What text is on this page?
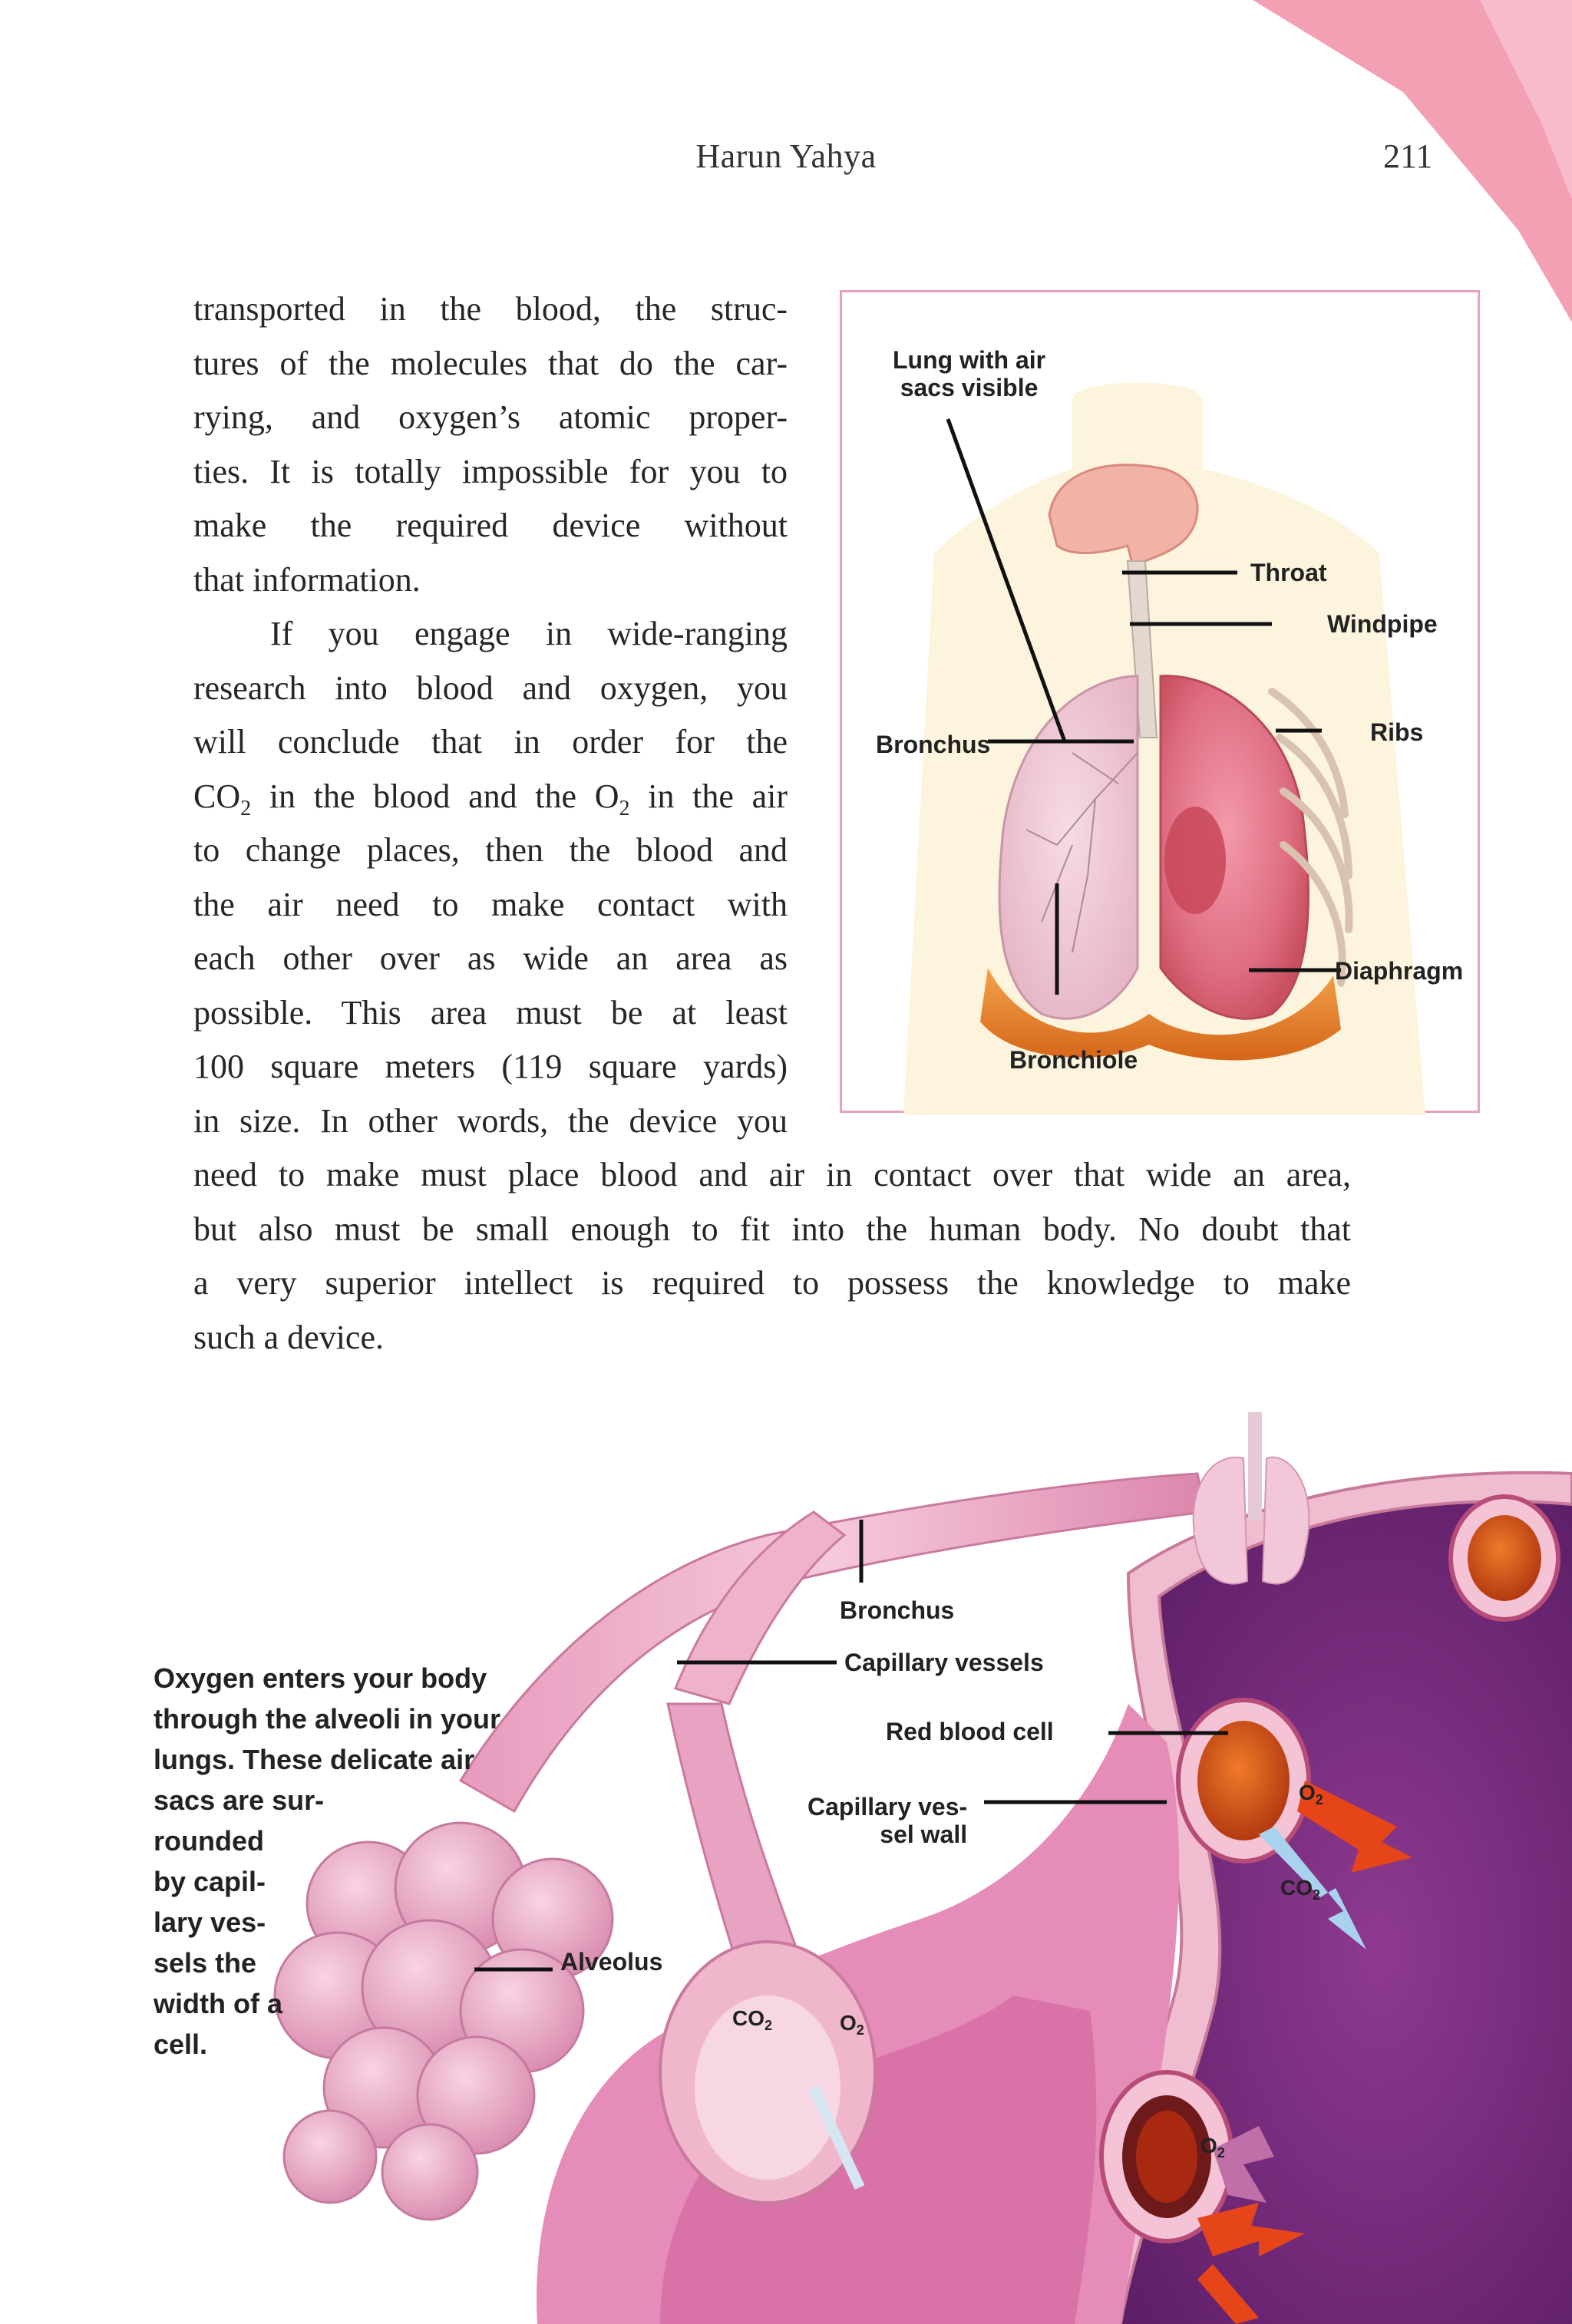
Harun Yahya	211
transported in the blood, the struc-
tures of the molecules that do the car-
rying, and oxygen’s atomic proper-
ties. It is totally impossible for you to
make the required device without
that information.
If you engage in wide-ranging
research into blood and oxygen, you
will conclude that in order for the
$CO_2$ in the blood and the $O_2$ in the air
to change places, then the blood and
the air need to make contact with
each other over as wide an area as
possible. This area must be at least
100 square meters (119 square yards)
in size. In other words, the device you
need to make must place blood and air in contact over that wide an area,
but also must be small enough to fit into the human body. No doubt that
a very superior intellect is required to possess the knowledge to make
such a device.
Lung with air
sacs visible
Throat
Windpipe
Bronchus	Ribs
Diaphragm
Bronchiole
Oxygen enters your body
through the alveoli in your
lungs. These delicate air
sacs are sur-
rounded
by capil-
lary ves-
sels the
width of a
cell.
Bronchus
Capillary vessels
Red blood cell
Capillary ves-
sel wall
Alveolus
$CO_2$	$O_2$
$O_2$
$CO_2$
$O_2$
